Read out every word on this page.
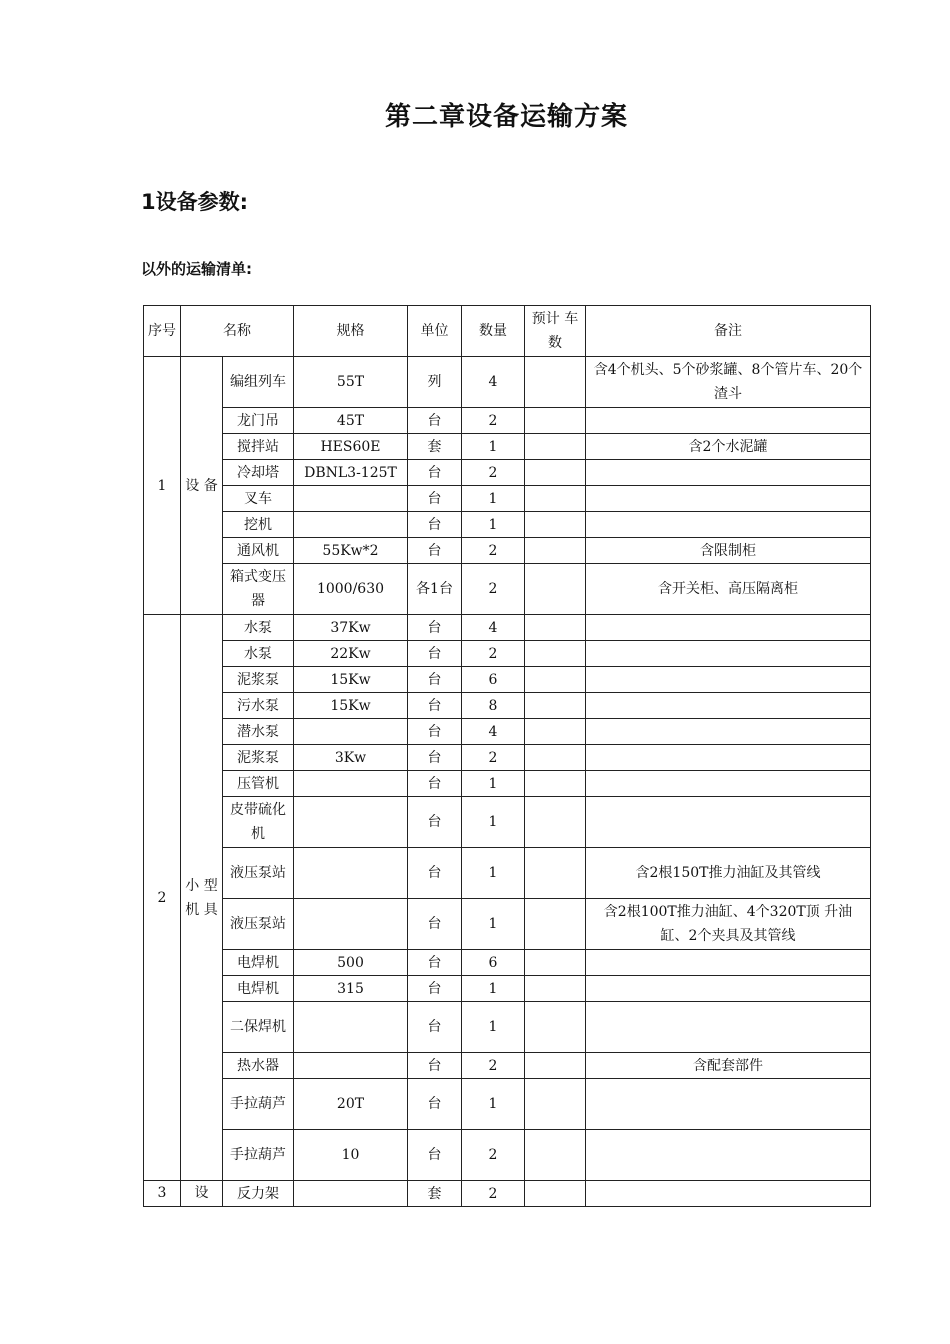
第二章设备运输方案
1设备参数:
以外的运输清单:
序号	名称		规格	单位	数量	预计 车数	备注
1	设 备	编组列车	55T	列	4		含4个机头、5个砂浆罐、8个管片车、20个渣斗
		龙门吊	45T	台	2		
		搅拌站	HES60E	套	1		含2个水泥罐
		冷却塔	DBNL3-125T	台	2		
		叉车		台	1		
		挖机		台	1		
		通风机	55Kw*2	台	2		含限制柜
		箱式变压器	1000/630	各1台	2		含开关柜、高压隔离柜
2	小 型 机 具	水泵	37Kw	台	4		
		水泵	22Kw	台	2		
		泥浆泵	15Kw	台	6		
		污水泵	15Kw	台	8		
		潜水泵		台	4		
		泥浆泵	3Kw	台	2		
		压管机		台	1		
		皮带硫化机		台	1		
		液压泵站		台	1		含2根150T推力油缸及其管线
		液压泵站		台	1		含2根100T推力油缸、4个320T顶 升油缸、2个夹具及其管线
		电焊机	500	台	6		
		电焊机	315	台	1		
		二保焊机		台	1		
		热水器		台	2		含配套部件
		手拉葫芦	20T	台	1		
		手拉葫芦	10	台	2		
3	设	反力架		套	2		
